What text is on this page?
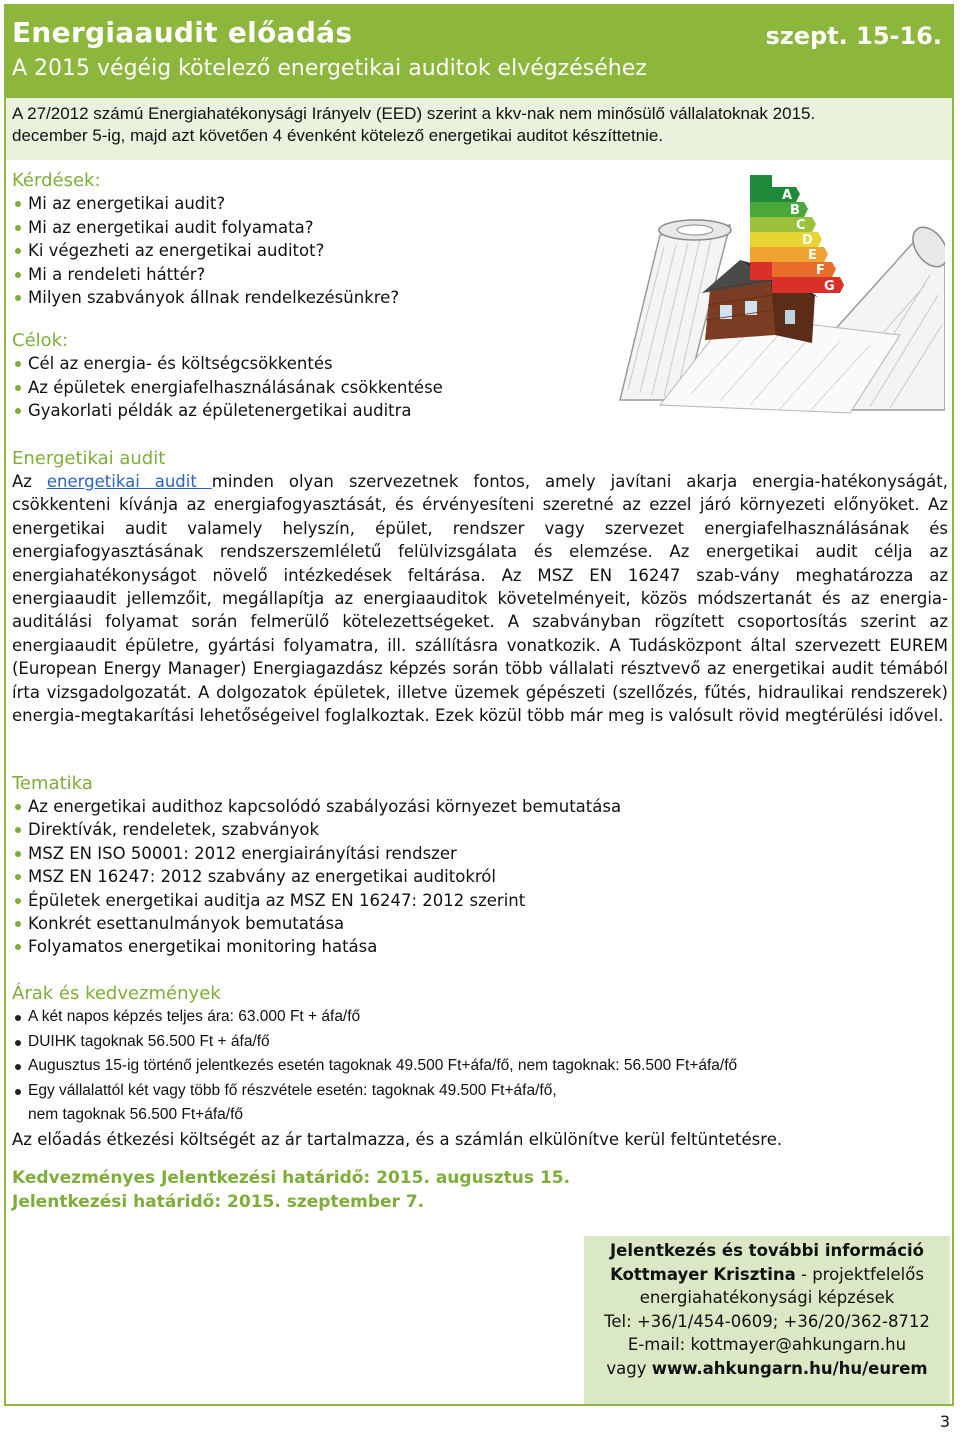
Energiaaudit előadás	szept. 15-16.
A 2015 végéig kötelező energetikai auditok elvégzéséhez
A 27/2012 számú Energiahatékonysági Irányelv (EED) szerint a kkv-nak nem minősülő vállalatoknak 2015.
december 5-ig, majd azt követően 4 évenként kötelező energetikai auditot készíttetnie.
Kérdések:
Mi az energetikai audit?
Mi az energetikai audit folyamata?
Ki végezheti az energetikai auditot?
Mi a rendeleti háttér?
Milyen szabványok állnak rendelkezésünkre?
Célok:
Cél az energia- és költségcsökkentés
Az épületek energiafelhasználásának csökkentése
Gyakorlati példák az épületenergetikai auditra
A
B
C
D
E
F
G
Energetikai audit
Az energetikai audit minden olyan szervezetnek fontos, amely javítani akarja energia-hatékonyságát, csökkenteni kívánja az energiafogyasztását, és érvényesíteni szeretné az ezzel járó környezeti előnyöket. Az energetikai audit valamely helyszín, épület, rendszer vagy szervezet energiafelhasználásának és energiafogyasztásának rendszerszemléletű felülvizsgálata és elemzése. Az energetikai audit célja az energiahatékonyságot növelő intézkedések feltárása. Az MSZ EN 16247 szab-vány meghatározza az energiaaudit jellemzőit, megállapítja az energiaauditok követelményeit, közös módszertanát és az energia-auditálási folyamat során felmerülő kötelezettségeket. A szabványban rögzített csoportosítás szerint az energiaaudit épületre, gyártási folyamatra, ill. szállításra vonatkozik. A Tudásközpont által szervezett EUREM (European Energy Manager) Energiagazdász képzés során több vállalati résztvevő az energetikai audit témából írta vizsgadolgozatát. A dolgozatok épületek, illetve üzemek gépészeti (szellőzés, fűtés, hidraulikai rendszerek) energia-megtakarítási lehetőségeivel foglalkoztak. Ezek közül több már meg is valósult rövid megtérülési idővel.
Tematika
Az energetikai audithoz kapcsolódó szabályozási környezet bemutatása
Direktívák, rendeletek, szabványok
MSZ EN ISO 50001: 2012 energiairányítási rendszer
MSZ EN 16247: 2012 szabvány az energetikai auditokról
Épületek energetikai auditja az MSZ EN 16247: 2012 szerint
Konkrét esettanulmányok bemutatása
Folyamatos energetikai monitoring hatása
Árak és kedvezmények
A két napos képzés teljes ára: 63.000 Ft + áfa/fő
DUIHK tagoknak 56.500 Ft + áfa/fő
Augusztus 15-ig történő jelentkezés esetén tagoknak 49.500 Ft+áfa/fő, nem tagoknak: 56.500 Ft+áfa/fő
Egy vállalattól két vagy több fő részvétele esetén: tagoknak 49.500 Ft+áfa/fő,
nem tagoknak 56.500 Ft+áfa/fő
Az előadás étkezési költségét az ár tartalmazza, és a számlán elkülönítve kerül feltüntetésre.
Kedvezményes Jelentkezési határidő: 2015. augusztus 15.
Jelentkezési határidő: 2015. szeptember 7.
Jelentkezés és további információ
Kottmayer Krisztina - projektfelelős
energiahatékonysági képzések
Tel: +36/1/454-0609; +36/20/362-8712
E-mail: kottmayer@ahkungarn.hu
vagy www.ahkungarn.hu/hu/eurem
3
